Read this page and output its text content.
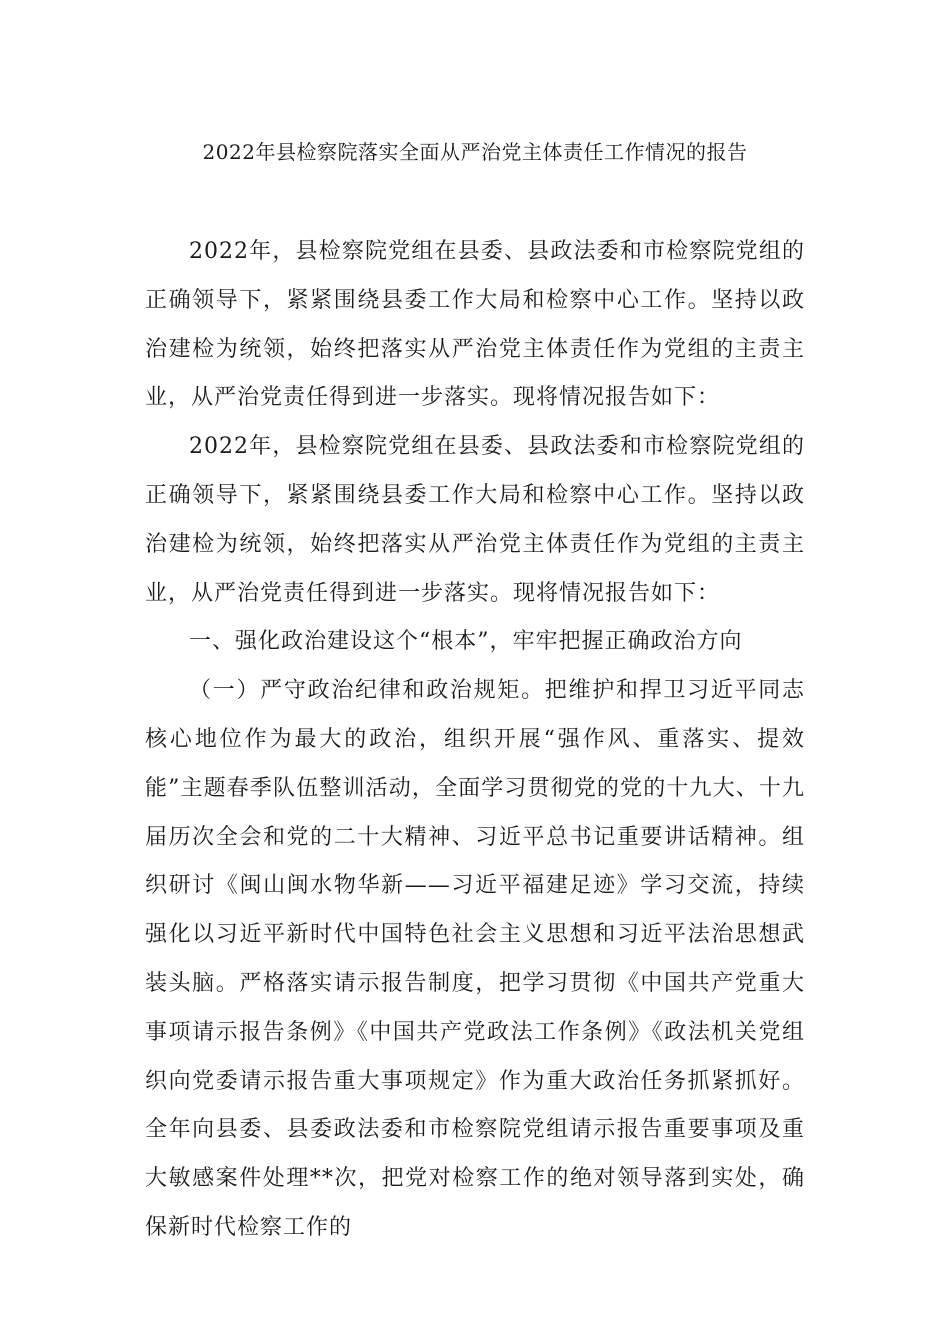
2022年县检察院落实全面从严治党主体责任工作情况的报告

2022年，县检察院党组在县委、县政法委和市检察院党组的正确领导下，紧紧围绕县委工作大局和检察中心工作。坚持以政治建检为统领，始终把落实从严治党主体责任作为党组的主责主业，从严治党责任得到进一步落实。现将情况报告如下：

2022年，县检察院党组在县委、县政法委和市检察院党组的正确领导下，紧紧围绕县委工作大局和检察中心工作。坚持以政治建检为统领，始终把落实从严治党主体责任作为党组的主责主业，从严治党责任得到进一步落实。现将情况报告如下：

一、强化政治建设这个“根本”，牢牢把握正确政治方向

（一）严守政治纪律和政治规矩。把维护和捍卫习近平同志核心地位作为最大的政治，组织开展“强作风、重落实、提效能”主题春季队伍整训活动，全面学习贯彻党的党的十九大、十九届历次全会和党的二十大精神、习近平总书记重要讲话精神。组织研讨《闽山闽水物华新——习近平福建足迹》学习交流，持续强化以习近平新时代中国特色社会主义思想和习近平法治思想武装头脑。严格落实请示报告制度，把学习贯彻《中国共产党重大事项请示报告条例》《中国共产党政法工作条例》《政法机关党组织向党委请示报告重大事项规定》作为重大政治任务抓紧抓好。全年向县委、县委政法委和市检察院党组请示报告重要事项及重大敏感案件处理**次，把党对检察工作的绝对领导落到实处，确保新时代检察工作的
